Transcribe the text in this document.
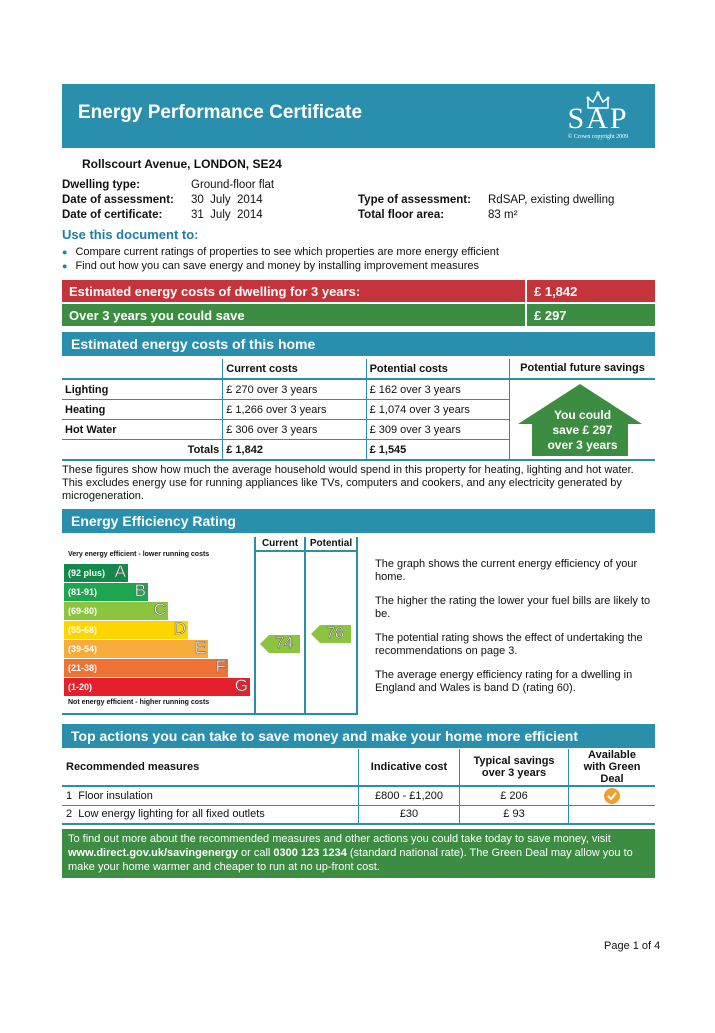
Energy Performance Certificate	SAP
© Crown copyright 2009
Rollscourt Avenue, LONDON, SE24
Dwelling type:	Ground-floor flat
Date of assessment: 30  July  2014
Date of certificate: 31  July  2014
Type of assessment: RdSAP, existing dwelling
Total floor area:	83 m²
Use this document to:
● Compare current ratings of properties to see which properties are more energy efficient
● Find out how you can save energy and money by installing improvement measures
Estimated energy costs of dwelling for 3 years:	£ 1,842
Over 3 years you could save	£ 297
Estimated energy costs of this home
	Current costs	Potential costs
Lighting	£ 270 over 3 years	£ 162 over 3 years
Heating	£ 1,266 over 3 years	£ 1,074 over 3 years
Hot Water	£ 306 over 3 years	£ 309 over 3 years
Totals	£ 1,842	£ 1,545
Potential future savings
You could
save £ 297
over 3 years
These figures show how much the average household would spend in this property for heating, lighting and hot water. This excludes energy use for running appliances like TVs, computers and cookers, and any electricity generated by microgeneration.
Energy Efficiency Rating
Very energy efficient - lower running costs
Not energy efficient - higher running costs
(92 plus) A
(81-91) B
(69-80)	C
(55-68)	D
(39-54)	E
(21-38)	F
(1-20)	G
Current	Potential
74
78
The graph shows the current energy efficiency of your home.
The higher the rating the lower your fuel bills are likely to be.
The potential rating shows the effect of undertaking the recommendations on page 3.
The average energy efficiency rating for a dwelling in England and Wales is band D (rating 60).
Top actions you can take to save money and make your home more efficient
Recommended measures	Indicative cost	Typical savings over 3 years	Available with Green Deal
1 Floor insulation	£800 - £1,200	£ 206	
2 Low energy lighting for all fixed outlets	£30	£ 93	
To find out more about the recommended measures and other actions you could take today to save money, visit www.direct.gov.uk/savingenergy or call 0300 123 1234 (standard national rate). The Green Deal may allow you to make your home warmer and cheaper to run at no up-front cost.
Page 1 of 4
